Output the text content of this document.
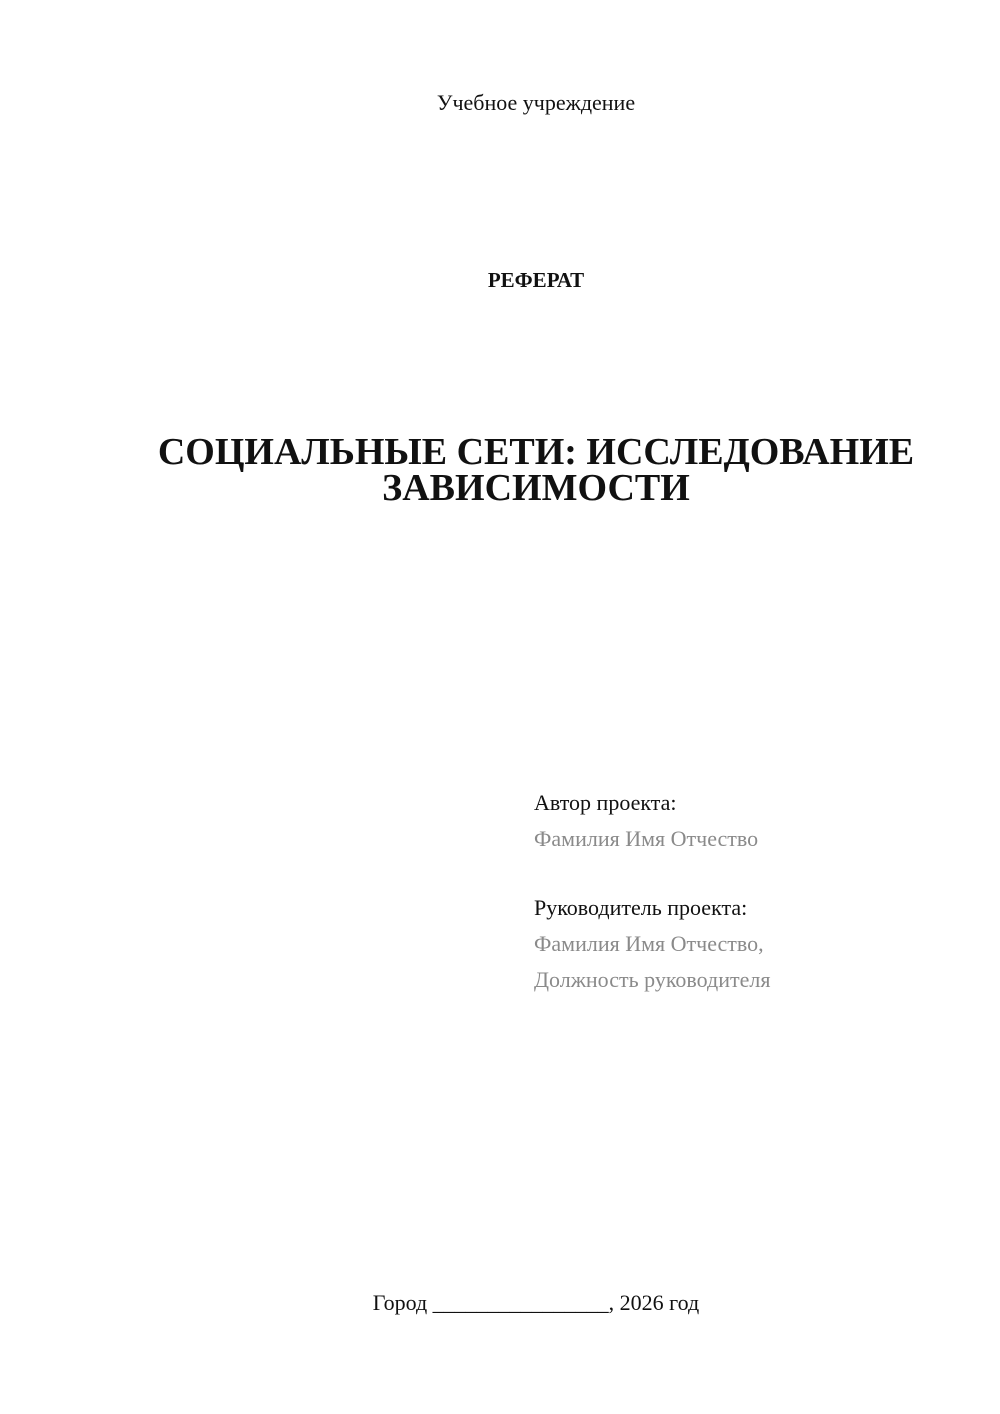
Учебное учреждение
РЕФЕРАТ
СОЦИАЛЬНЫЕ СЕТИ: ИССЛЕДОВАНИЕ ЗАВИСИМОСТИ
Автор проекта:
Фамилия Имя Отчество
Руководитель проекта:
Фамилия Имя Отчество,
Должность руководителя
Город ________________, 2026 год
